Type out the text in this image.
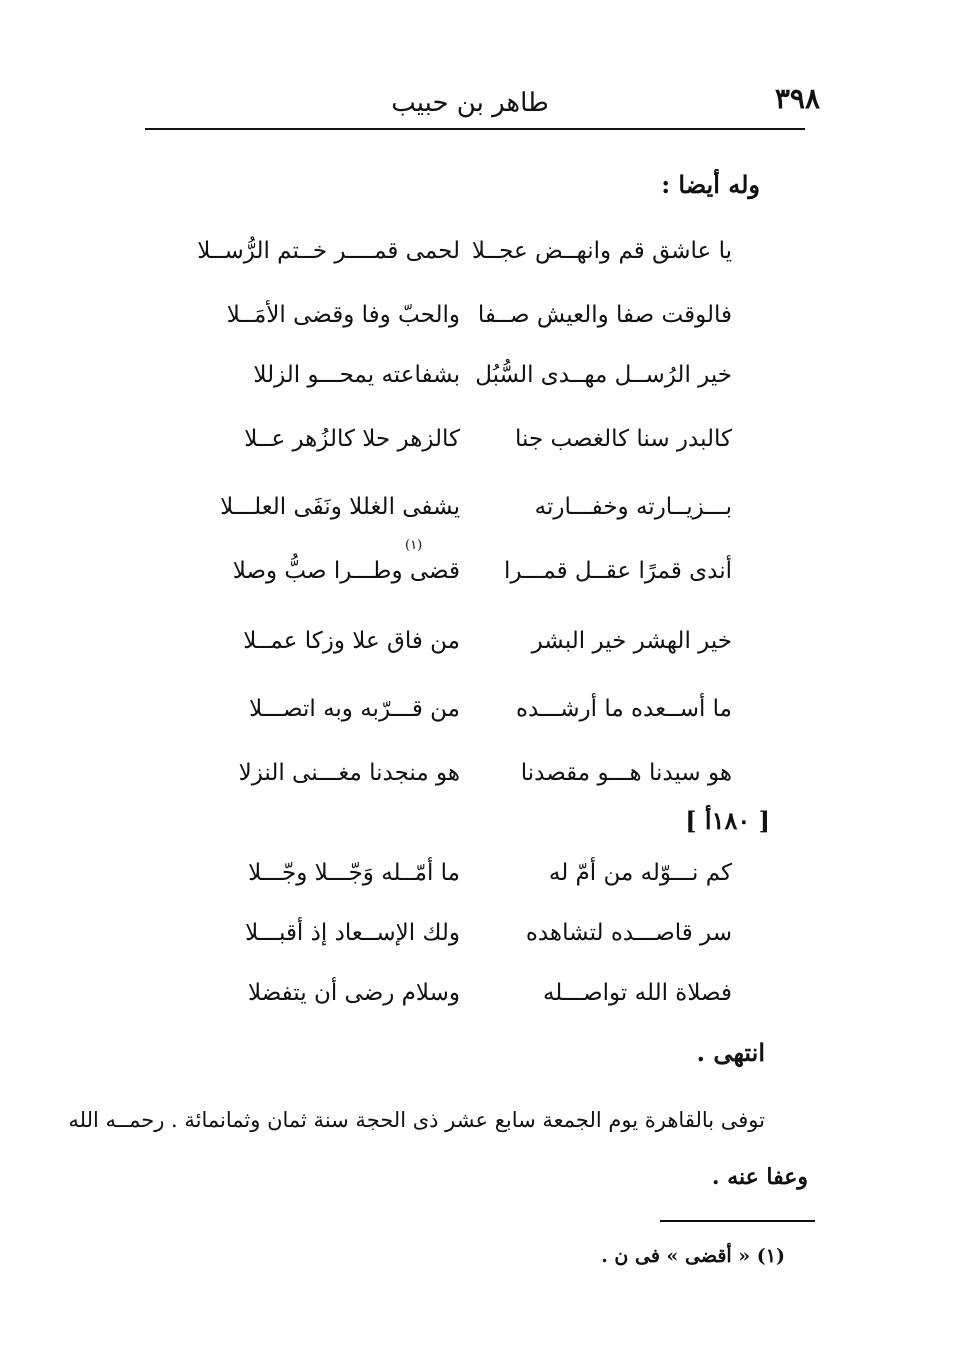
٣٩٨
طاهر بن حبيب
وله أيضا :
يا عاشق قم وانهــض عجــلا
لحمى قمــــر خــتم الرُّســلا
فالوقت صفا والعيش صــفا
والحبّ وفا وقضى الأمَــلا
خير الرُســل مهــدى السُّبُل
بشفاعته يمحـــو الزللا
كالبدر سنا كالغصب جنا
كالزهر حلا كالزُهر عــلا
بـــزيــارته وخفـــارته
يشفى الغللا ونَفَى العلـــلا
أندى قمرًا عقــل قمـــرا
قضى وطـــرا صبُّ وصلا
(١)
خير الهشر خير البشر
من فاق علا وزكا عمــلا
ما أســعده ما أرشـــده
من قـــرّبه وبه اتصـــلا
هو سيدنا هـــو مقصدنا
هو منجدنا مغـــنى النزلا
[ ١٨٠أ ]
كم نـــوّله من أمّ له
ما أمّــله وَجّـــلا وجّـــلا
سر قاصـــده لتشاهده
ولك الإســعاد إذ أقبـــلا
فصلاة الله تواصـــله
وسلام رضى أن يتفضلا
انتهى .
توفى بالقاهرة يوم الجمعة سابع عشر ذى الحجة سنة ثمان وثمانمائة . رحمــه الله
وعفا عنه .
(١) « أقضى » فى ن .
